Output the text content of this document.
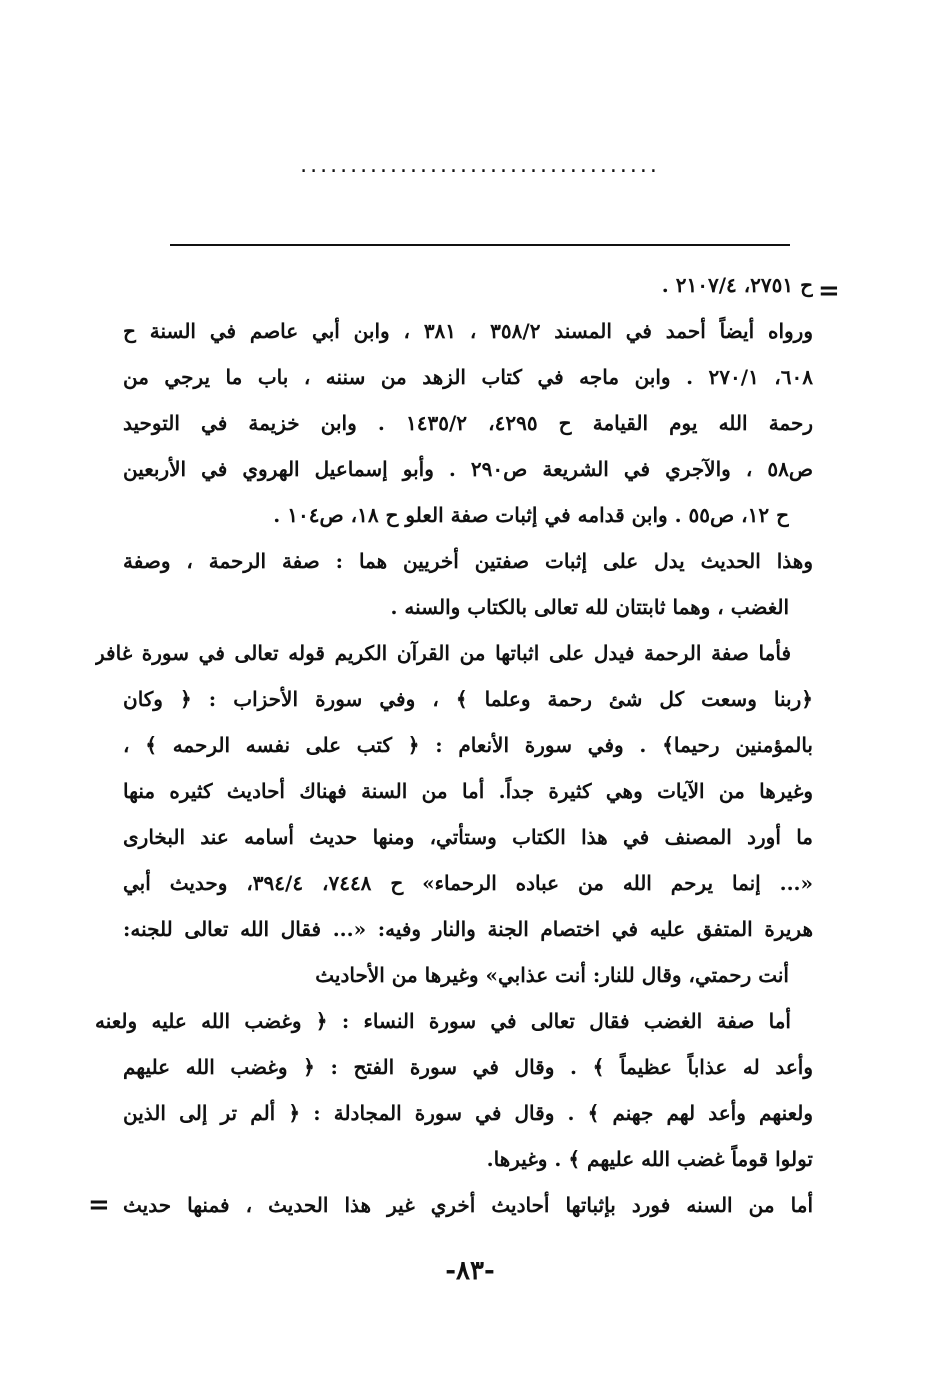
....................................
=
ح ٢٧٥١، ٢١٠٧/٤ .
ورواه أيضاً أحمد في المسند ٣٥٨/٢ ، ٣٨١ ، وابن أبي عاصم في السنة ح
٦٠٨، ٢٧٠/١ . وابن ماجه في كتاب الزهد من سننه ، باب ما يرجي من
رحمة الله يوم القيامة ح ٤٢٩٥، ١٤٣٥/٢ . وابن خزيمة في التوحيد
ص٥٨ ، والآجري في الشريعة ص٢٩٠ . وأبو إسماعيل الهروي في الأربعين
ح ١٢، ص٥٥ . وابن قدامه في إثبات صفة العلو ح ١٨، ص١٠٤ .
وهذا الحديث يدل على إثبات صفتين أخريين هما : صفة الرحمة ، وصفة
الغضب ، وهما ثابتتان لله تعالى بالكتاب والسنه .
فأما صفة الرحمة فيدل على اثباتها من القرآن الكريم قوله تعالى في سورة غافر
﴿ربنا وسعت كل شئ رحمة وعلما ﴾ ، وفي سورة الأحزاب : ﴿ وكان
بالمؤمنين رحيما﴾ . وفي سورة الأنعام : ﴿ كتب على نفسه الرحمه ﴾ ،
وغيرها من الآيات وهي كثيرة جداً. أما من السنة فهناك أحاديث كثيره منها
ما أورد المصنف في هذا الكتاب وستأتي، ومنها حديث أسامه عند البخارى
«... إنما يرحم الله من عباده الرحماء» ح ٧٤٤٨، ٣٩٤/٤، وحديث أبي
هريرة المتفق عليه في اختصام الجنة والنار وفيه: «... فقال الله تعالى للجنه:
أنت رحمتي، وقال للنار: أنت عذابي» وغيرها من الأحاديث
أما صفة الغضب فقال تعالى في سورة النساء : ﴿ وغضب الله عليه ولعنه
وأعد له عذاباً عظيماً ﴾ . وقال في سورة الفتح : ﴿ وغضب الله عليهم
ولعنهم وأعد لهم جهنم ﴾ . وقال في سورة المجادلة : ﴿ ألم تر إلى الذين
تولوا قوماً غضب الله عليهم ﴾ . وغيرها.
أما من السنه فورد بإثباتها أحاديث أخري غير هذا الحديث ، فمنها حديث
=
-٨٣-
